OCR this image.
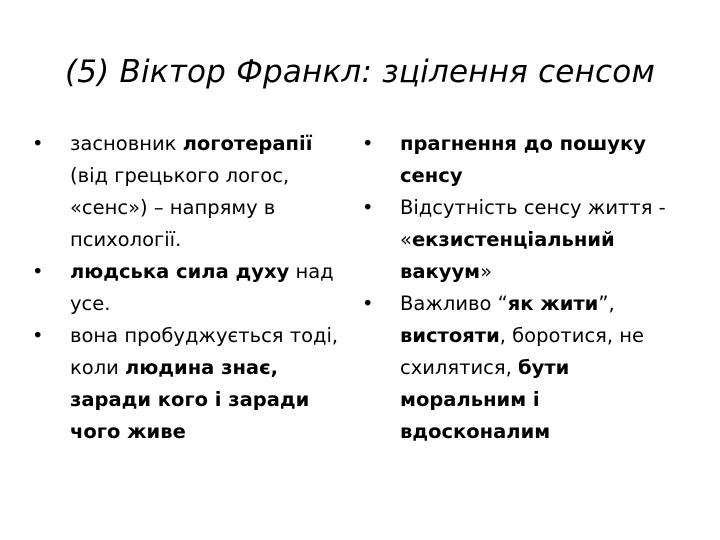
(5) Віктор Франкл: зцілення сенсом
• засновник логотерапії (від грецького логос, «сенс») – напряму в психології.
• людська сила духу над усе.
• вона пробуджується тоді, коли людина знає, заради кого і заради чого живе
• прагнення до пошуку сенсу
• Відсутність сенсу життя - «екзистенціальний вакуум»
• Важливо “як жити”, вистояти, боротися, не схилятися, бути моральним і вдосконалим
